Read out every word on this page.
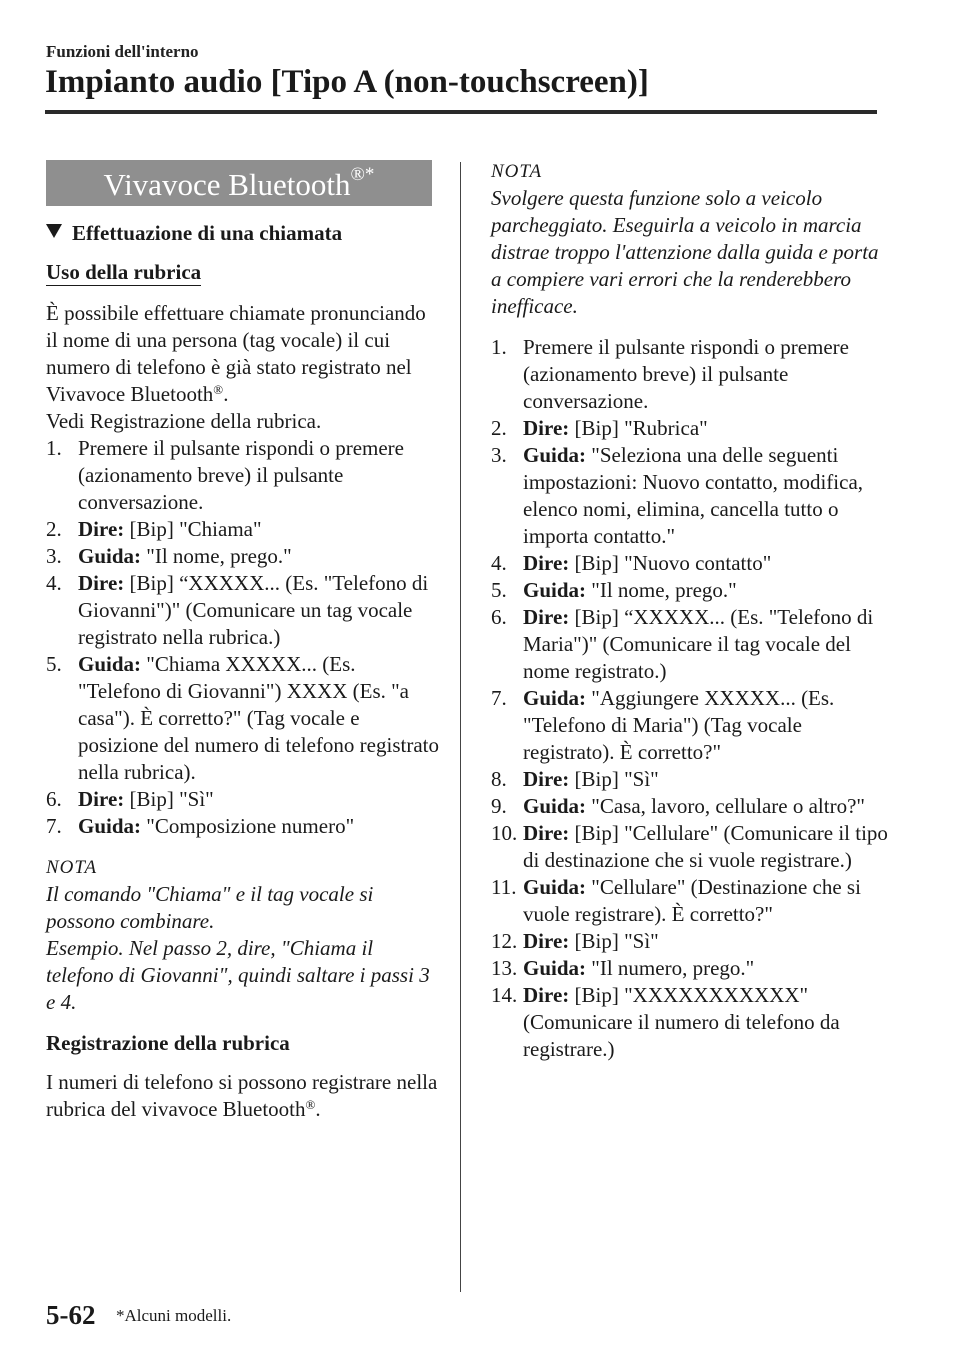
Funzioni dell'interno
Impianto audio [Tipo A (non-touchscreen)]
Vivavoce Bluetooth®*
Effettuazione di una chiamata
Uso della rubrica
È possibile effettuare chiamate pronunciando il nome di una persona (tag vocale) il cui numero di telefono è già stato registrato nel Vivavoce Bluetooth®.
Vedi Registrazione della rubrica.
1. Premere il pulsante rispondi o premere (azionamento breve) il pulsante conversazione.
2. Dire: [Bip] "Chiama"
3. Guida: "Il nome, prego."
4. Dire: [Bip] “XXXXX... (Es. "Telefono di Giovanni")" (Comunicare un tag vocale registrato nella rubrica.)
5. Guida: "Chiama XXXXX... (Es. "Telefono di Giovanni") XXXX (Es. "a casa"). È corretto?" (Tag vocale e posizione del numero di telefono registrato nella rubrica).
6. Dire: [Bip] "Sì"
7. Guida: "Composizione numero"
NOTA
Il comando "Chiama" e il tag vocale si possono combinare.
Esempio. Nel passo 2, dire, "Chiama il telefono di Giovanni", quindi saltare i passi 3 e 4.
Registrazione della rubrica
I numeri di telefono si possono registrare nella rubrica del vivavoce Bluetooth®.
NOTA
Svolgere questa funzione solo a veicolo parcheggiato. Eseguirla a veicolo in marcia distrae troppo l'attenzione dalla guida e porta a compiere vari errori che la renderebbero inefficace.
1. Premere il pulsante rispondi o premere (azionamento breve) il pulsante conversazione.
2. Dire: [Bip] "Rubrica"
3. Guida: "Seleziona una delle seguenti impostazioni: Nuovo contatto, modifica, elenco nomi, elimina, cancella tutto o importa contatto."
4. Dire: [Bip] "Nuovo contatto"
5. Guida: "Il nome, prego."
6. Dire: [Bip] “XXXXX... (Es. "Telefono di Maria")" (Comunicare il tag vocale del nome registrato.)
7. Guida: "Aggiungere XXXXX... (Es. "Telefono di Maria") (Tag vocale registrato). È corretto?"
8. Dire: [Bip] "Sì"
9. Guida: "Casa, lavoro, cellulare o altro?"
10. Dire: [Bip] "Cellulare" (Comunicare il tipo di destinazione che si vuole registrare.)
11. Guida: "Cellulare" (Destinazione che si vuole registrare). È corretto?"
12. Dire: [Bip] "Sì"
13. Guida: "Il numero, prego."
14. Dire: [Bip] "XXXXXXXXXXX" (Comunicare il numero di telefono da registrare.)
5-62 *Alcuni modelli.
